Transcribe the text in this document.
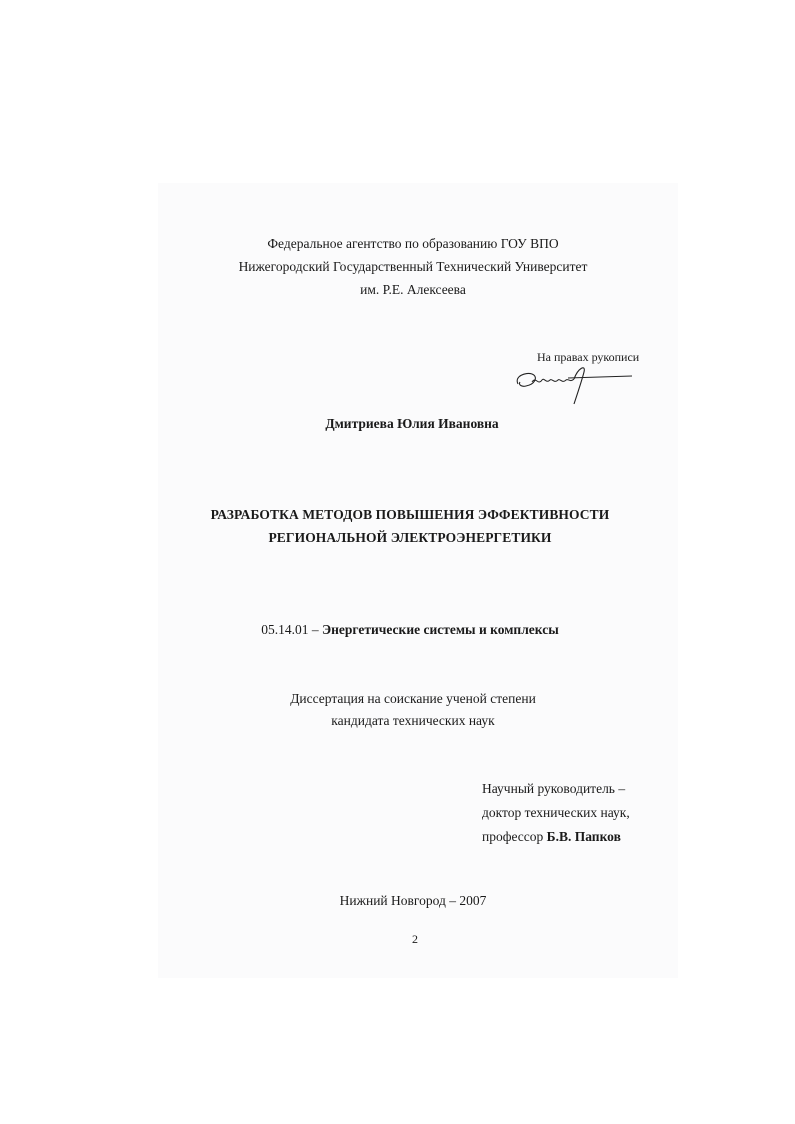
Федеральное агентство по образованию ГОУ ВПО
Нижегородский Государственный Технический Университет
им. Р.Е. Алексеева
На правах рукописи
Дмитриева Юлия Ивановна
РАЗРАБОТКА МЕТОДОВ ПОВЫШЕНИЯ ЭФФЕКТИВНОСТИ
РЕГИОНАЛЬНОЙ ЭЛЕКТРОЭНЕРГЕТИКИ
05.14.01 – Энергетические системы и комплексы
Диссертация на соискание ученой степени
кандидата технических наук
Научный руководитель –
доктор технических наук,
профессор Б.В. Папков
Нижний Новгород – 2007
2
